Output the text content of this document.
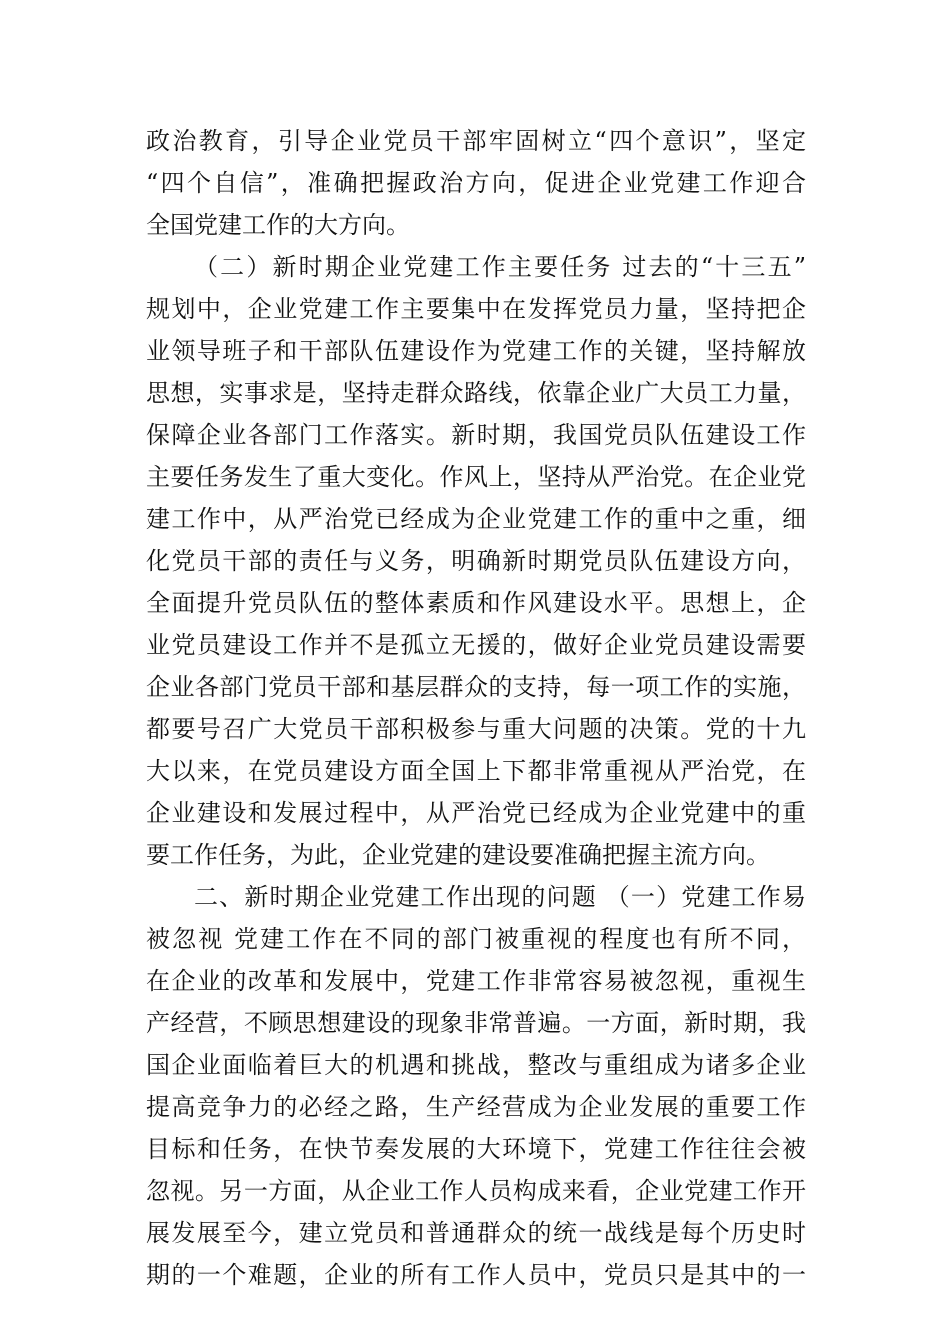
政治教育，引导企业党员干部牢固树立“四个意识”，坚定
“四个自信”，准确把握政治方向，促进企业党建工作迎合
全国党建工作的大方向。
（二）新时期企业党建工作主要任务 过去的“十三五”
规划中，企业党建工作主要集中在发挥党员力量，坚持把企
业领导班子和干部队伍建设作为党建工作的关键，坚持解放
思想，实事求是，坚持走群众路线，依靠企业广大员工力量，
保障企业各部门工作落实。新时期，我国党员队伍建设工作
主要任务发生了重大变化。作风上，坚持从严治党。在企业党
建工作中，从严治党已经成为企业党建工作的重中之重，细
化党员干部的责任与义务，明确新时期党员队伍建设方向，
全面提升党员队伍的整体素质和作风建设水平。思想上，企
业党员建设工作并不是孤立无援的，做好企业党员建设需要
企业各部门党员干部和基层群众的支持，每一项工作的实施，
都要号召广大党员干部积极参与重大问题的决策。党的十九
大以来，在党员建设方面全国上下都非常重视从严治党，在
企业建设和发展过程中，从严治党已经成为企业党建中的重
要工作任务，为此，企业党建的建设要准确把握主流方向。
二、新时期企业党建工作出现的问题 （一）党建工作易
被忽视 党建工作在不同的部门被重视的程度也有所不同，
在企业的改革和发展中，党建工作非常容易被忽视，重视生
产经营，不顾思想建设的现象非常普遍。一方面，新时期，我
国企业面临着巨大的机遇和挑战，整改与重组成为诸多企业
提高竞争力的必经之路，生产经营成为企业发展的重要工作
目标和任务，在快节奏发展的大环境下，党建工作往往会被
忽视。另一方面，从企业工作人员构成来看，企业党建工作开
展发展至今，建立党员和普通群众的统一战线是每个历史时
期的一个难题，企业的所有工作人员中，党员只是其中的一
